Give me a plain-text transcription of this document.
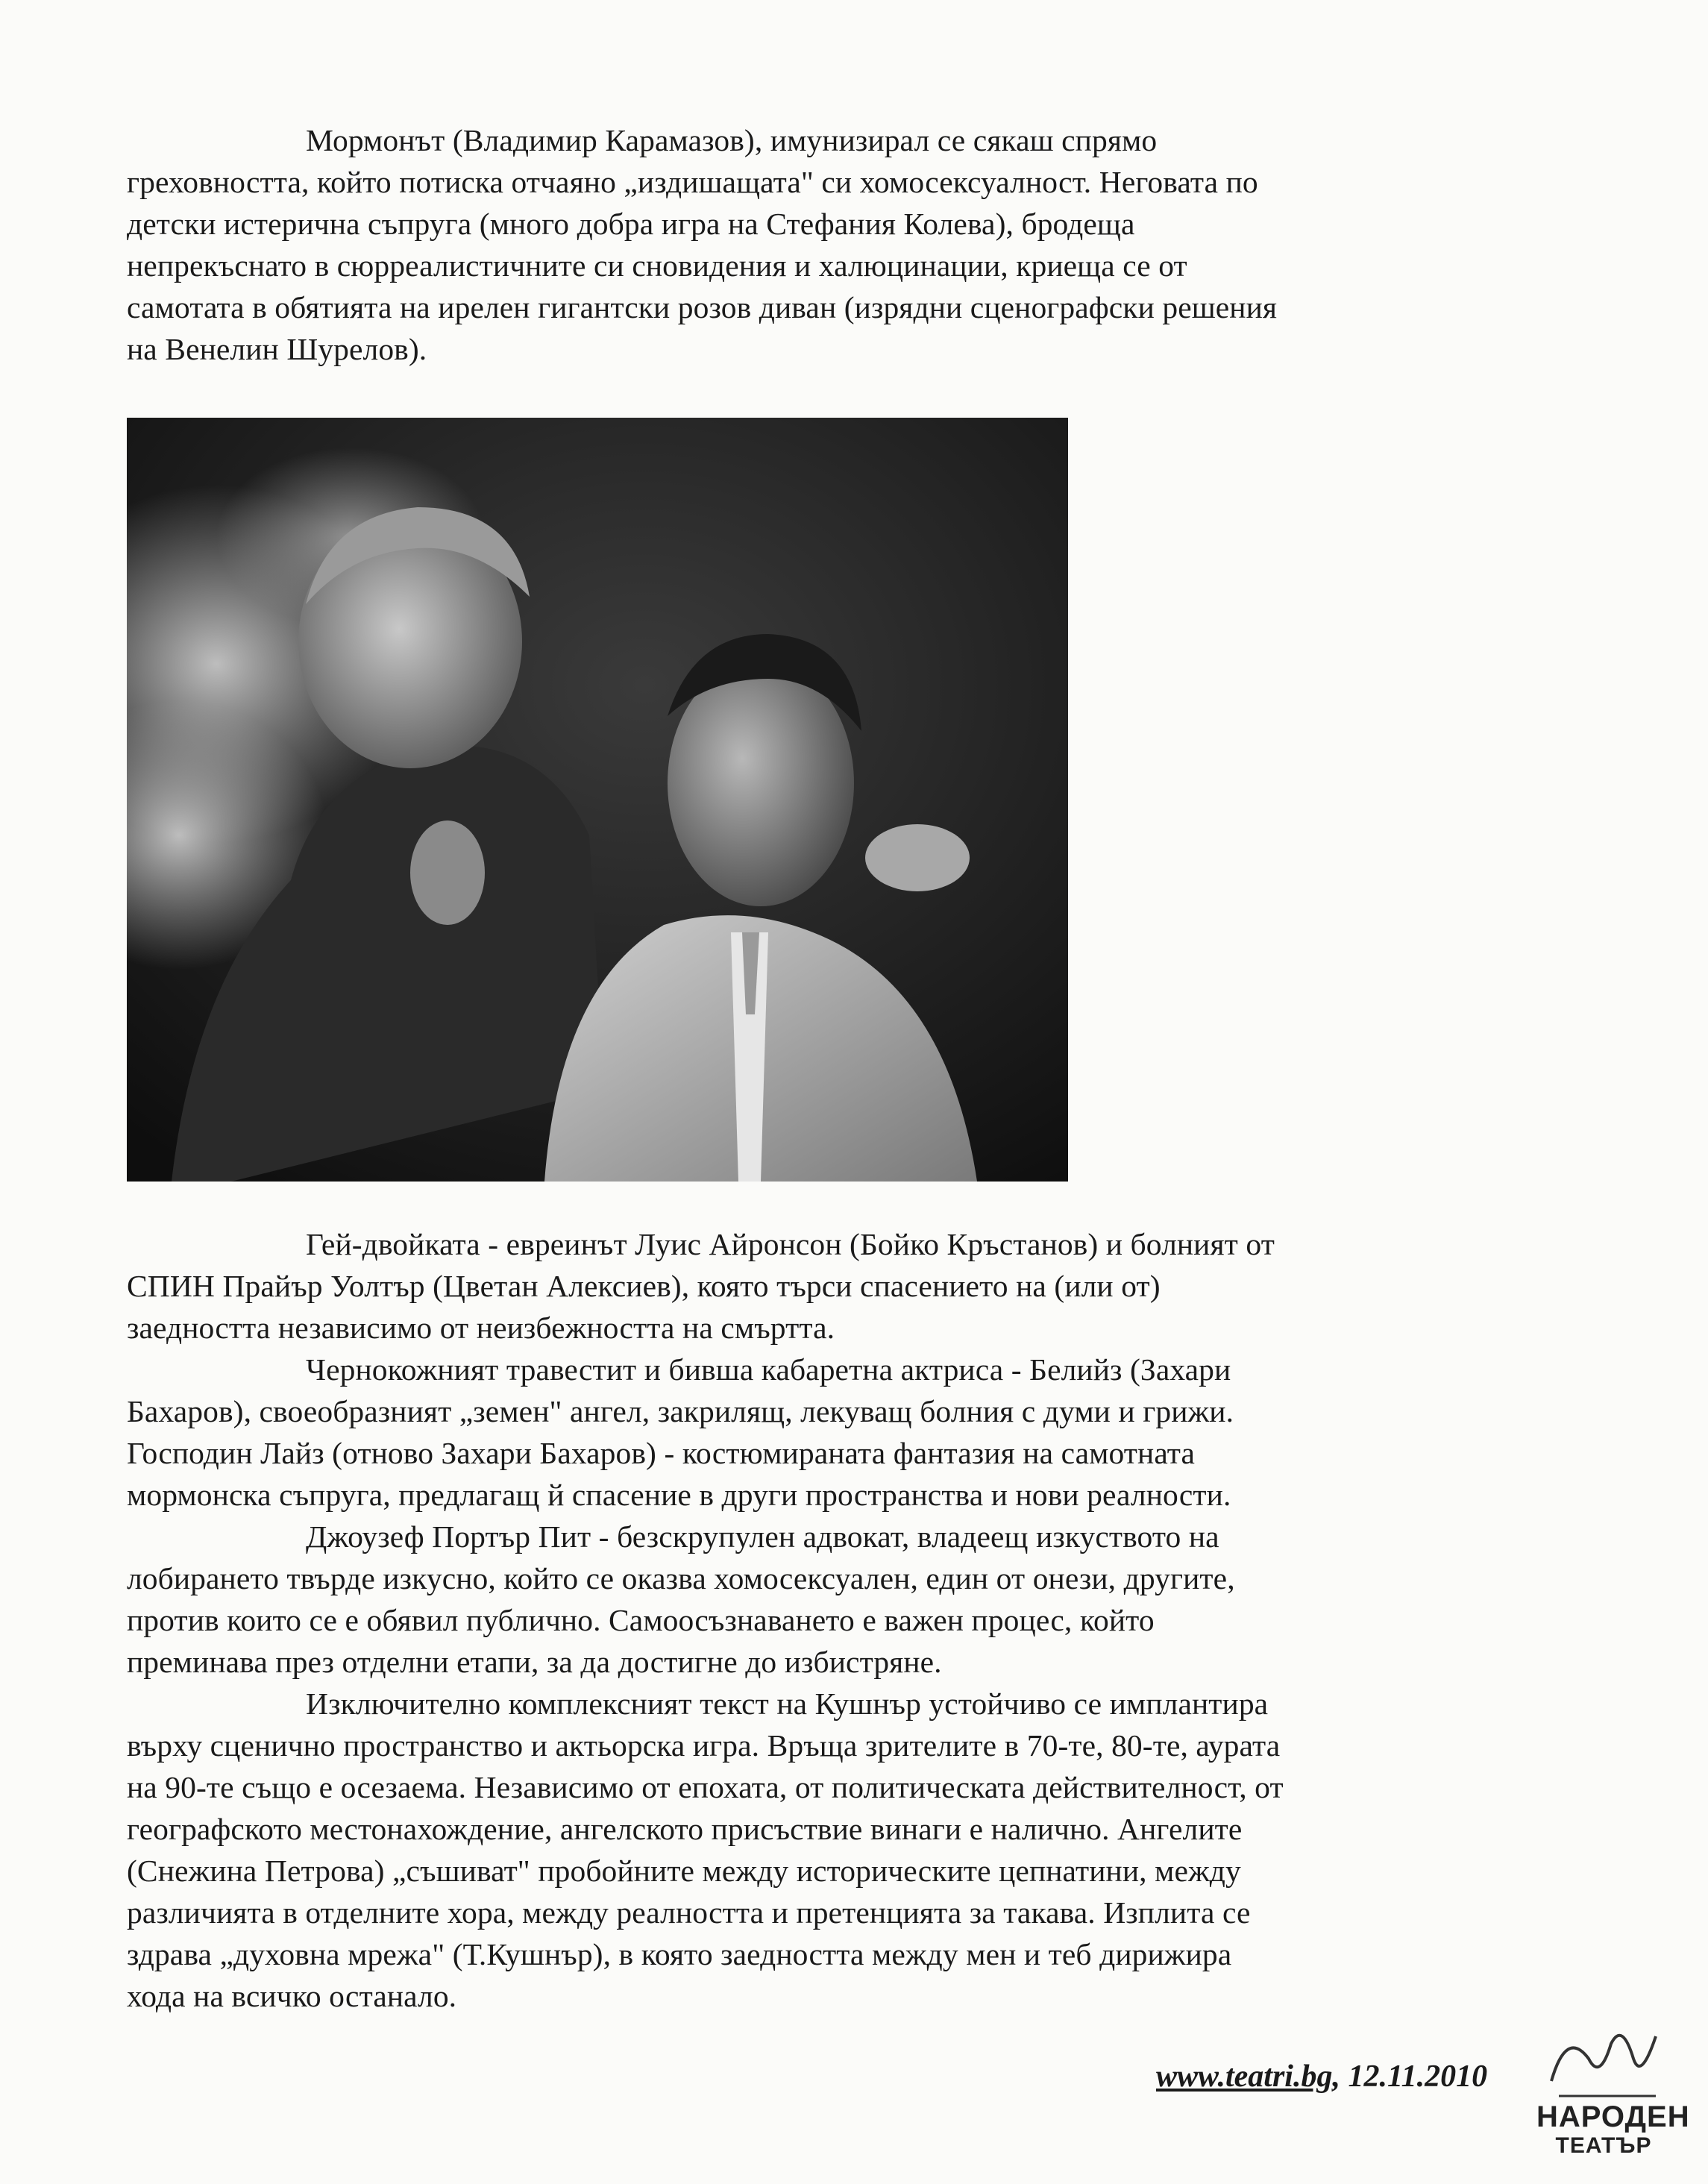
Мормонът (Владимир Карамазов), имунизирал се сякаш спрямо
греховността, който потиска отчаяно „издишащата" си хомосексуалност. Неговата по
детски истерична съпруга (много добра игра на Стефания Колева), бродеща
непрекъснато в сюрреалистичните си сновидения и халюцинации, криеща се от
самотата в обятията на ирелен гигантски розов диван (изрядни сценографски решения
на Венелин Шурелов).
Гей-двойката - евреинът Луис Айронсон (Бойко Кръстанов) и болният от
СПИН Прайър Уолтър (Цветан Алексиев), която търси спасението на (или от)
заедността независимо от неизбежността на смъртта.
Чернокожният травестит и бивша кабаретна актриса - Белийз (Захари
Бахаров), своеобразният „земен" ангел, закрилящ, лекуващ болния с думи и грижи.
Господин Лайз (отново Захари Бахаров) - костюмираната фантазия на самотната
мормонска съпруга, предлагащ й спасение в други пространства и нови реалности.
Джоузеф Портър Пит - безскрупулен адвокат, владеещ изкуството на
лобирането твърде изкусно, който се оказва хомосексуален, един от онези, другите,
против които се е обявил публично. Самоосъзнаването е важен процес, който
преминава през отделни етапи, за да достигне до избистряне.
Изключително комплексният текст на Кушнър устойчиво се имплантира
върху сценично пространство и актьорска игра. Връща зрителите в 70-те, 80-те, аурата
на 90-те също е осезаема. Независимо от епохата, от политическата действителност, от
географското местонахождение, ангелското присъствие винаги е налично. Ангелите
(Снежина Петрова) „съшиват" пробойните между историческите цепнатини, между
различията в отделните хора, между реалността и претенцията за такава. Изплита се
здрава „духовна мрежа" (Т.Кушнър), в която заедността между мен и теб дирижира
хода на всичко останало.
www.teatri.bg, 12.11.2010
НАРОДЕН
ТЕАТЪР
